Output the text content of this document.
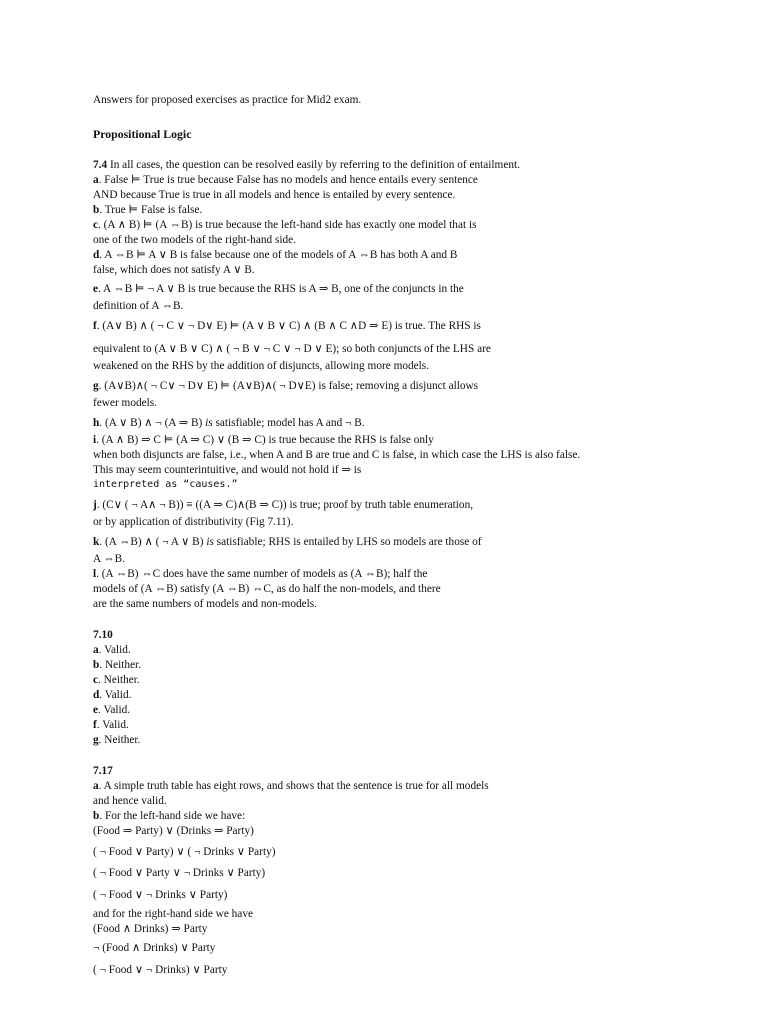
Answers for proposed exercises as practice for Mid2 exam.
Propositional Logic
7.4 In all cases, the question can be resolved easily by referring to the definition of entailment.
a. False ⊨ True is true because False has no models and hence entails every sentence
AND because True is true in all models and hence is entailed by every sentence.
b. True ⊨ False is false.
c. (A ∧ B) ⊨ (A ⇔B) is true because the left-hand side has exactly one model that is
one of the two models of the right-hand side.
d. A ⇔B ⊨ A ∨ B is false because one of the models of A ⇔B has both A and B
false, which does not satisfy A ∨ B.
e. A ⇔B ⊨ ¬ A ∨ B is true because the RHS is A ⇒ B, one of the conjuncts in the
definition of A ⇔B.
f. (A∨ B) ∧ ( ¬ C ∨ ¬ D∨ E) ⊨ (A ∨ B ∨ C) ∧ (B ∧ C ∧D ⇒ E) is true. The RHS is
equivalent to (A ∨ B ∨ C) ∧ ( ¬ B ∨ ¬ C ∨ ¬ D ∨ E); so both conjuncts of the LHS are
weakened on the RHS by the addition of disjuncts, allowing more models.
g. (A∨B)∧( ¬ C∨ ¬ D∨ E) ⊨ (A∨B)∧( ¬ D∨E) is false; removing a disjunct allows
fewer models.
h. (A ∨ B) ∧ ¬ (A ⇒ B) is satisfiable; model has A and ¬ B.
i. (A ∧ B) ⇒ C ⊨ (A ⇒ C) ∨ (B ⇒ C) is true because the RHS is false only
when both disjuncts are false, i.e., when A and B are true and C is false, in which case the LHS is also false.
This may seem counterintuitive, and would not hold if ⇒ is
interpreted as “causes.”
j. (C∨ ( ¬ A∧ ¬ B)) ≡ ((A ⇒ C)∧(B ⇒ C)) is true; proof by truth table enumeration,
or by application of distributivity (Fig 7.11).
k. (A ⇔B) ∧ ( ¬ A ∨ B) is satisfiable; RHS is entailed by LHS so models are those of
A ⇔B.
l. (A ⇔B) ⇔C does have the same number of models as (A ⇔B); half the
models of (A ⇔B) satisfy (A ⇔B) ⇔C, as do half the non-models, and there
are the same numbers of models and non-models.
7.10
a. Valid.
b. Neither.
c. Neither.
d. Valid.
e. Valid.
f. Valid.
g. Neither.
7.17
a. A simple truth table has eight rows, and shows that the sentence is true for all models
and hence valid.
b. For the left-hand side we have:
(Food ⇒ Party) ∨ (Drinks ⇒ Party)
( ¬ Food ∨ Party) ∨ ( ¬ Drinks ∨ Party)
( ¬ Food ∨ Party ∨ ¬ Drinks ∨ Party)
( ¬ Food ∨ ¬ Drinks ∨ Party)
and for the right-hand side we have
(Food ∧ Drinks) ⇒ Party
¬ (Food ∧ Drinks) ∨ Party
( ¬ Food ∨ ¬ Drinks) ∨ Party
